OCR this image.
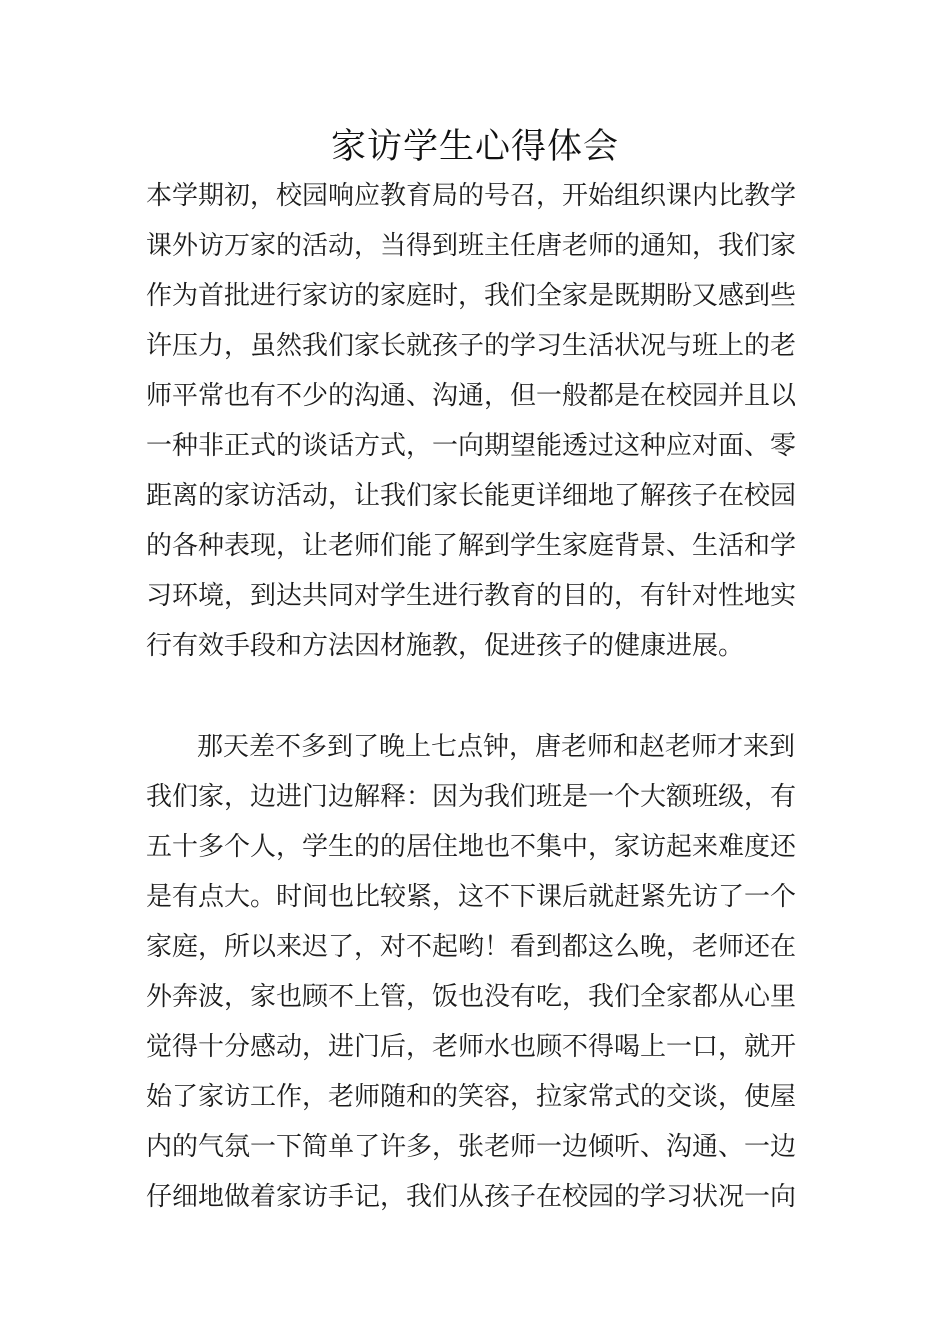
家访学生心得体会
本学期初，校园响应教育局的号召，开始组织课内比教学
课外访万家的活动，当得到班主任唐老师的通知，我们家
作为首批进行家访的家庭时，我们全家是既期盼又感到些
许压力，虽然我们家长就孩子的学习生活状况与班上的老
师平常也有不少的沟通、沟通，但一般都是在校园并且以
一种非正式的谈话方式，一向期望能透过这种应对面、零
距离的家访活动，让我们家长能更详细地了解孩子在校园
的各种表现，让老师们能了解到学生家庭背景、生活和学
习环境，到达共同对学生进行教育的目的，有针对性地实
行有效手段和方法因材施教，促进孩子的健康进展。
那天差不多到了晚上七点钟，唐老师和赵老师才来到
我们家，边进门边解释：因为我们班是一个大额班级，有
五十多个人，学生的的居住地也不集中，家访起来难度还
是有点大。时间也比较紧，这不下课后就赶紧先访了一个
家庭，所以来迟了，对不起哟！看到都这么晚，老师还在
外奔波，家也顾不上管，饭也没有吃，我们全家都从心里
觉得十分感动，进门后，老师水也顾不得喝上一口，就开
始了家访工作，老师随和的笑容，拉家常式的交谈，使屋
内的气氛一下简单了许多，张老师一边倾听、沟通、一边
仔细地做着家访手记，我们从孩子在校园的学习状况一向
